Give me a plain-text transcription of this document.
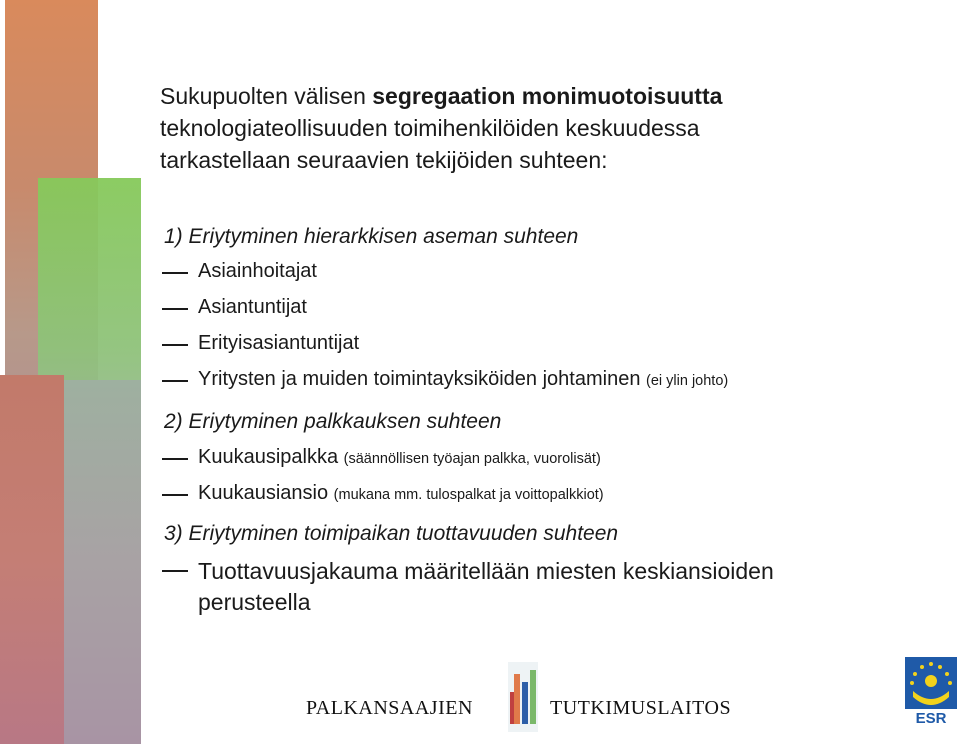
Sukupuolten välisen segregaation monimuotoisuutta
teknologiateollisuuden toimihenkilöiden keskuudessa
tarkastellaan seuraavien tekijöiden suhteen:

1) Eriytyminen hierarkkisen aseman suhteen
Asiainhoitajat
Asiantuntijat
Erityisasiantuntijat
Yritysten ja muiden toimintayksiköiden johtaminen (ei ylin johto)
2) Eriytyminen palkkauksen suhteen
Kuukausipalkka (säännöllisen työajan palkka, vuorolisät)
Kuukausiansio (mukana mm. tulospalkat ja voittopalkkiot)
3) Eriytyminen toimipaikan tuottavuuden suhteen
Tuottavuusjakauma määritellään miesten keskiansioiden
perusteella
PALKANSAAJIEN	TUTKIMUSLAITOS	ESR
